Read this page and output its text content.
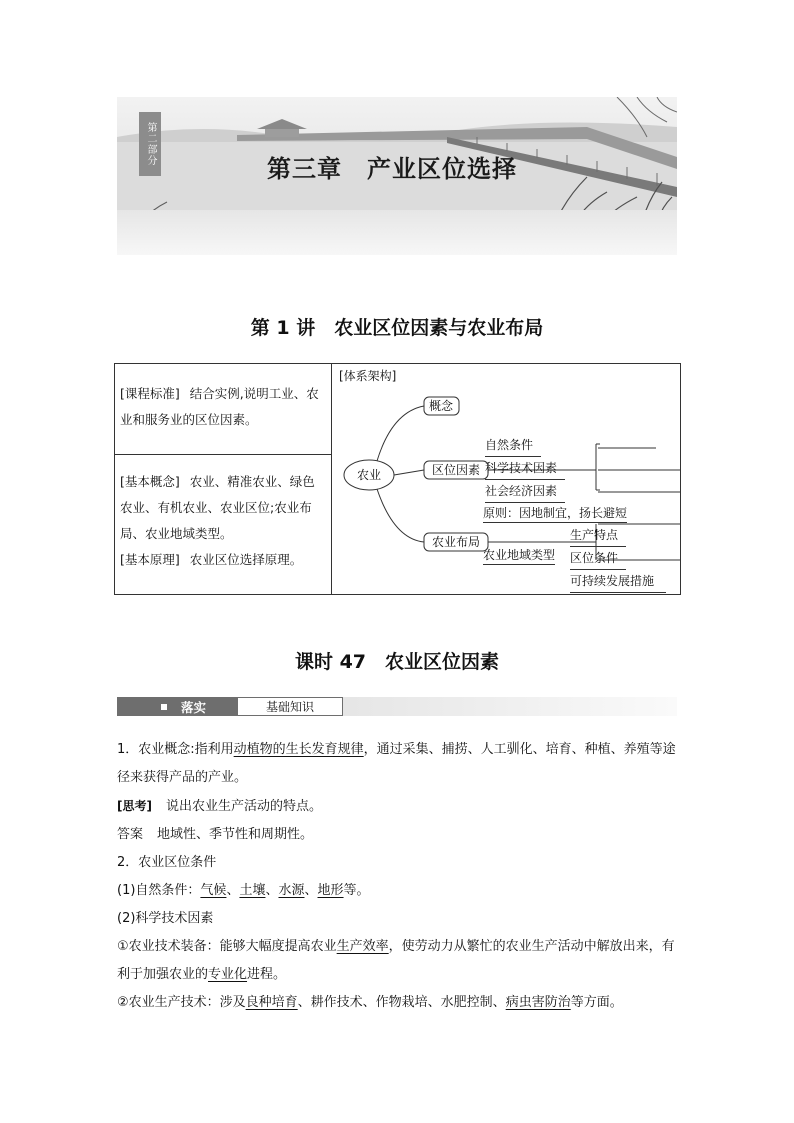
第二部分
第三章　产业区位选择
第 1 讲　农业区位因素与农业布局
[课程标准] 结合实例,说明工业、农业和服务业的区位因素。
[基本概念] 农业、精准农业、绿色农业、有机农业、农业区位;农业布局、农业地域类型。
[基本原理] 农业区位选择原理。
[体系架构]
农业
概念
区位因素
农业布局
自然条件
科学技术因素
社会经济因素
原则：因地制宜，扬长避短
农业地域类型
生产特点
区位条件
可持续发展措施
课时 47　农业区位因素
落实	基础知识

1．农业概念:指利用动植物的生长发育规律，通过采集、捕捞、人工驯化、培育、种植、养殖等途径来获得产品的产业。

[思考] 说出农业生产活动的特点。

答案 地域性、季节性和周期性。

2．农业区位条件

(1)自然条件：气候、土壤、水源、地形等。

(2)科学技术因素

①农业技术装备：能够大幅度提高农业生产效率，使劳动力从繁忙的农业生产活动中解放出来，有利于加强农业的专业化进程。

②农业生产技术：涉及良种培育、耕作技术、作物栽培、水肥控制、病虫害防治等方面。
